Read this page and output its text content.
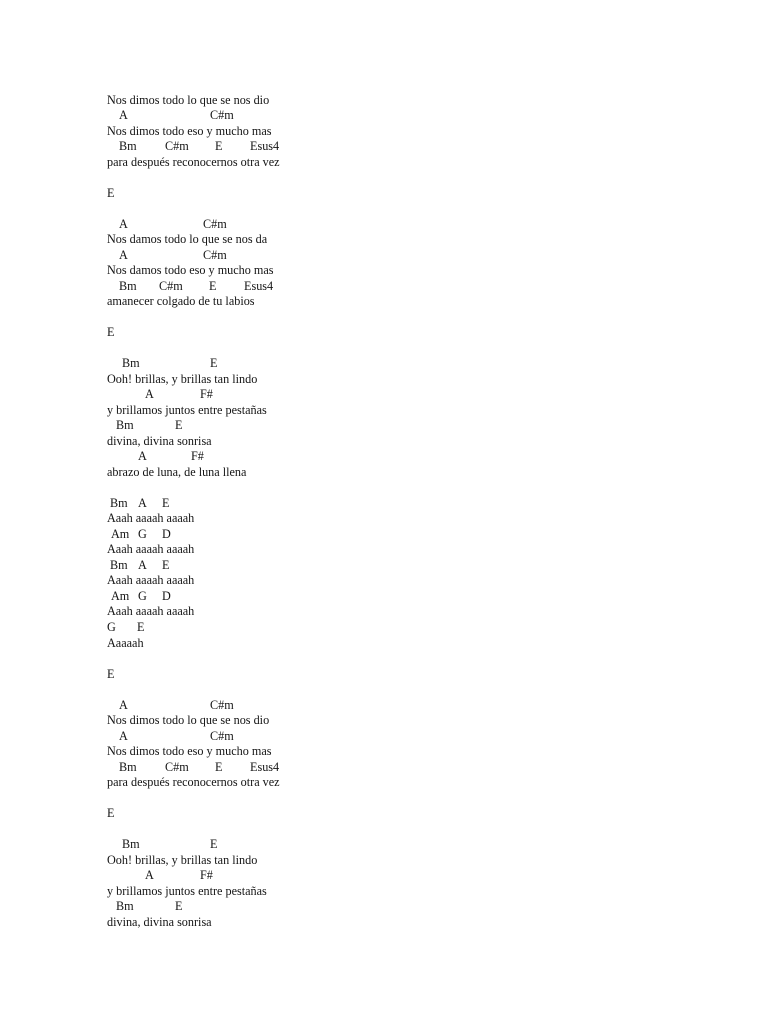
Nos dimos todo lo que se nos dio
A	C#m
Nos dimos todo eso y mucho mas
Bm C#m E Esus4
para después reconocernos otra vez
E
A	C#m
Nos damos todo lo que se nos da
A	C#m
Nos damos todo eso y mucho mas
Bm C#m E Esus4
amanecer colgado de tu labios
E
Bm	E
Ooh! brillas, y brillas tan lindo
A	F#
y brillamos juntos entre pestañas
Bm	E
divina, divina sonrisa
A	F#
abrazo de luna, de luna llena
Bm A E
Aaah aaaah aaaah
Am G D
Aaah aaaah aaaah
Bm A E
Aaah aaaah aaaah
Am G D
Aaah aaaah aaaah
G E
Aaaaah
E
A	C#m
Nos dimos todo lo que se nos dio
A	C#m
Nos dimos todo eso y mucho mas
Bm C#m E Esus4
para después reconocernos otra vez
E
Bm	E
Ooh! brillas, y brillas tan lindo
A	F#
y brillamos juntos entre pestañas
Bm	E
divina, divina sonrisa
